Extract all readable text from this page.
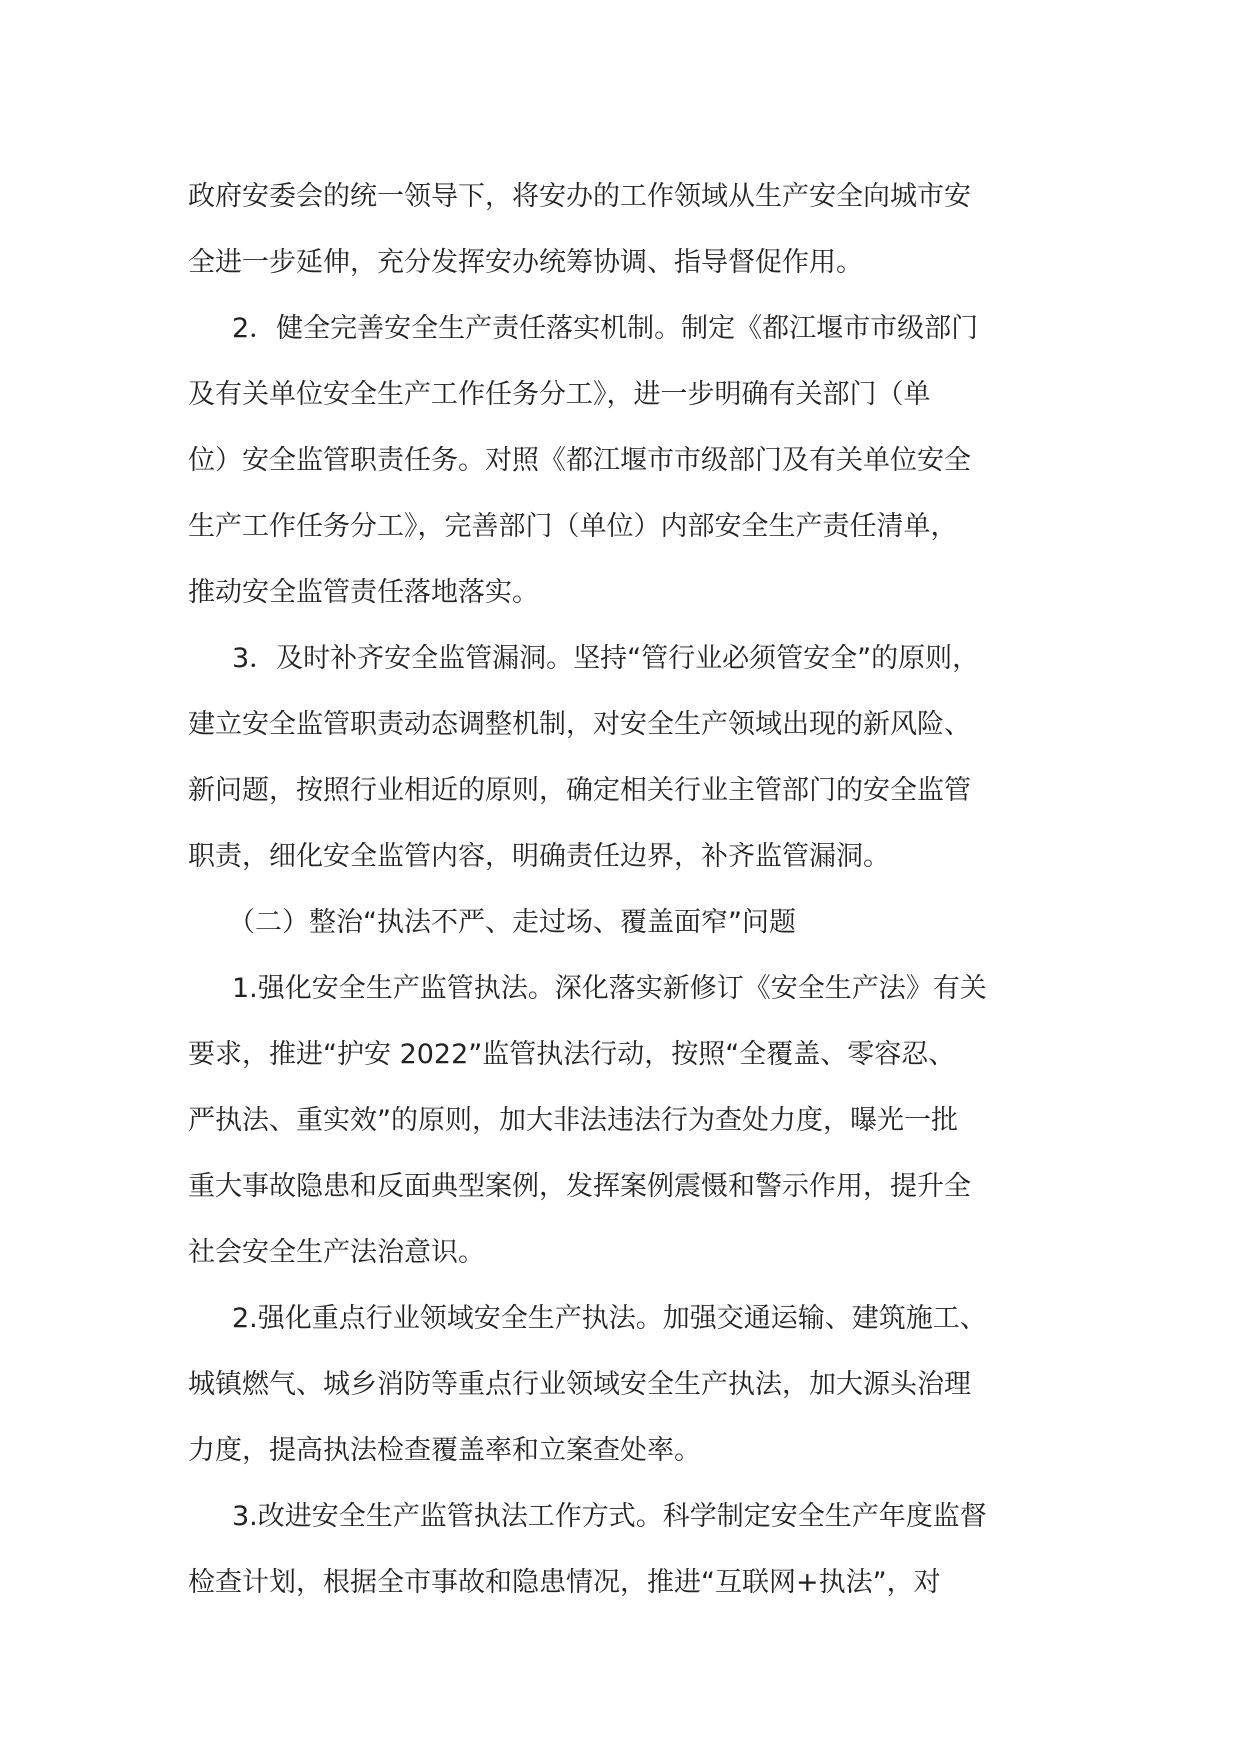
政府安委会的统一领导下，将安办的工作领域从生产安全向城市安
全进一步延伸，充分发挥安办统筹协调、指导督促作用。
2．健全完善安全生产责任落实机制。制定《都江堰市市级部门
及有关单位安全生产工作任务分工》，进一步明确有关部门（单
位）安全监管职责任务。对照《都江堰市市级部门及有关单位安全
生产工作任务分工》，完善部门（单位）内部安全生产责任清单，
推动安全监管责任落地落实。
3．及时补齐安全监管漏洞。坚持“管行业必须管安全”的原则，
建立安全监管职责动态调整机制，对安全生产领域出现的新风险、
新问题，按照行业相近的原则，确定相关行业主管部门的安全监管
职责，细化安全监管内容，明确责任边界，补齐监管漏洞。
（二）整治“执法不严、走过场、覆盖面窄”问题
1.强化安全生产监管执法。深化落实新修订《安全生产法》有关
要求，推进“护安 2022”监管执法行动，按照“全覆盖、零容忍、
严执法、重实效”的原则，加大非法违法行为查处力度，曝光一批
重大事故隐患和反面典型案例，发挥案例震慑和警示作用，提升全
社会安全生产法治意识。
2.强化重点行业领域安全生产执法。加强交通运输、建筑施工、
城镇燃气、城乡消防等重点行业领域安全生产执法，加大源头治理
力度，提高执法检查覆盖率和立案查处率。
3.改进安全生产监管执法工作方式。科学制定安全生产年度监督
检查计划，根据全市事故和隐患情况，推进“互联网+执法”，对
